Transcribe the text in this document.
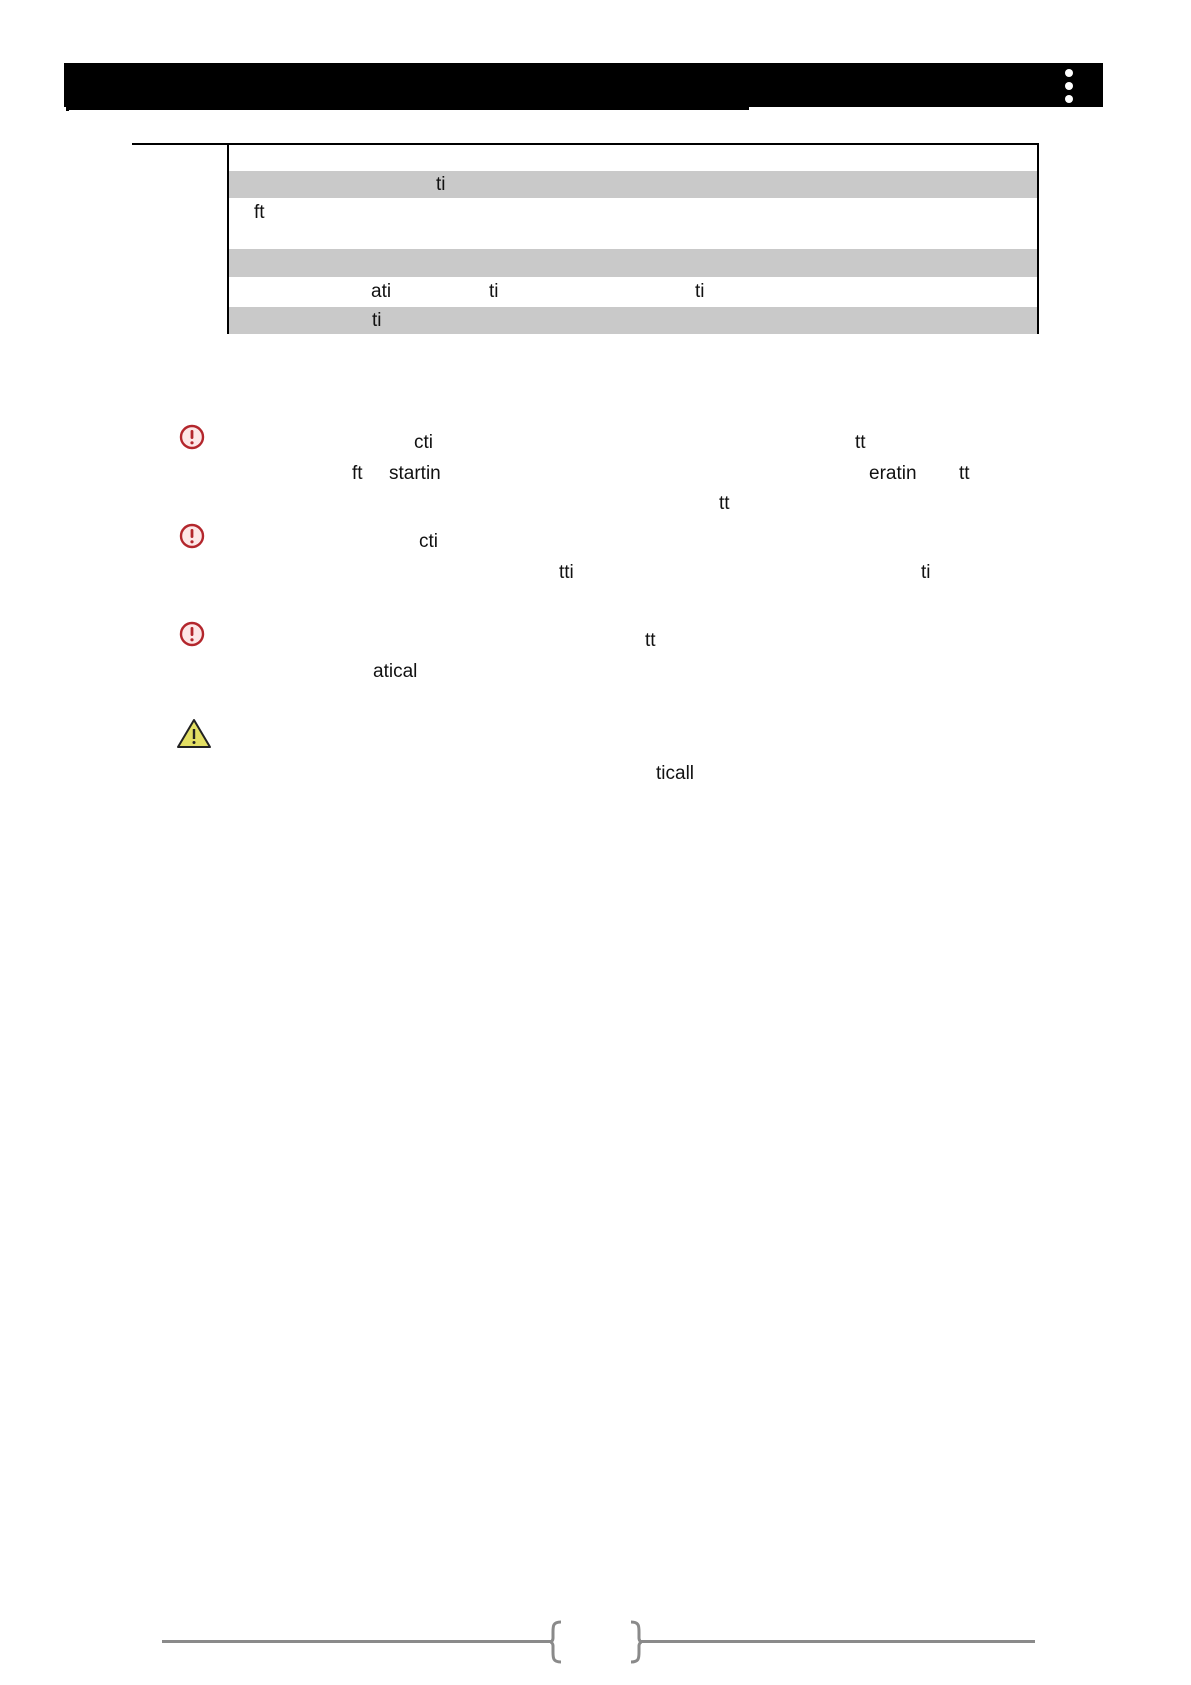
ti
ft
ati	ti	ti
ti
cti	tt
ft startin	eratin tt
tt
cti
tti	ti
tt
atical
ticall
